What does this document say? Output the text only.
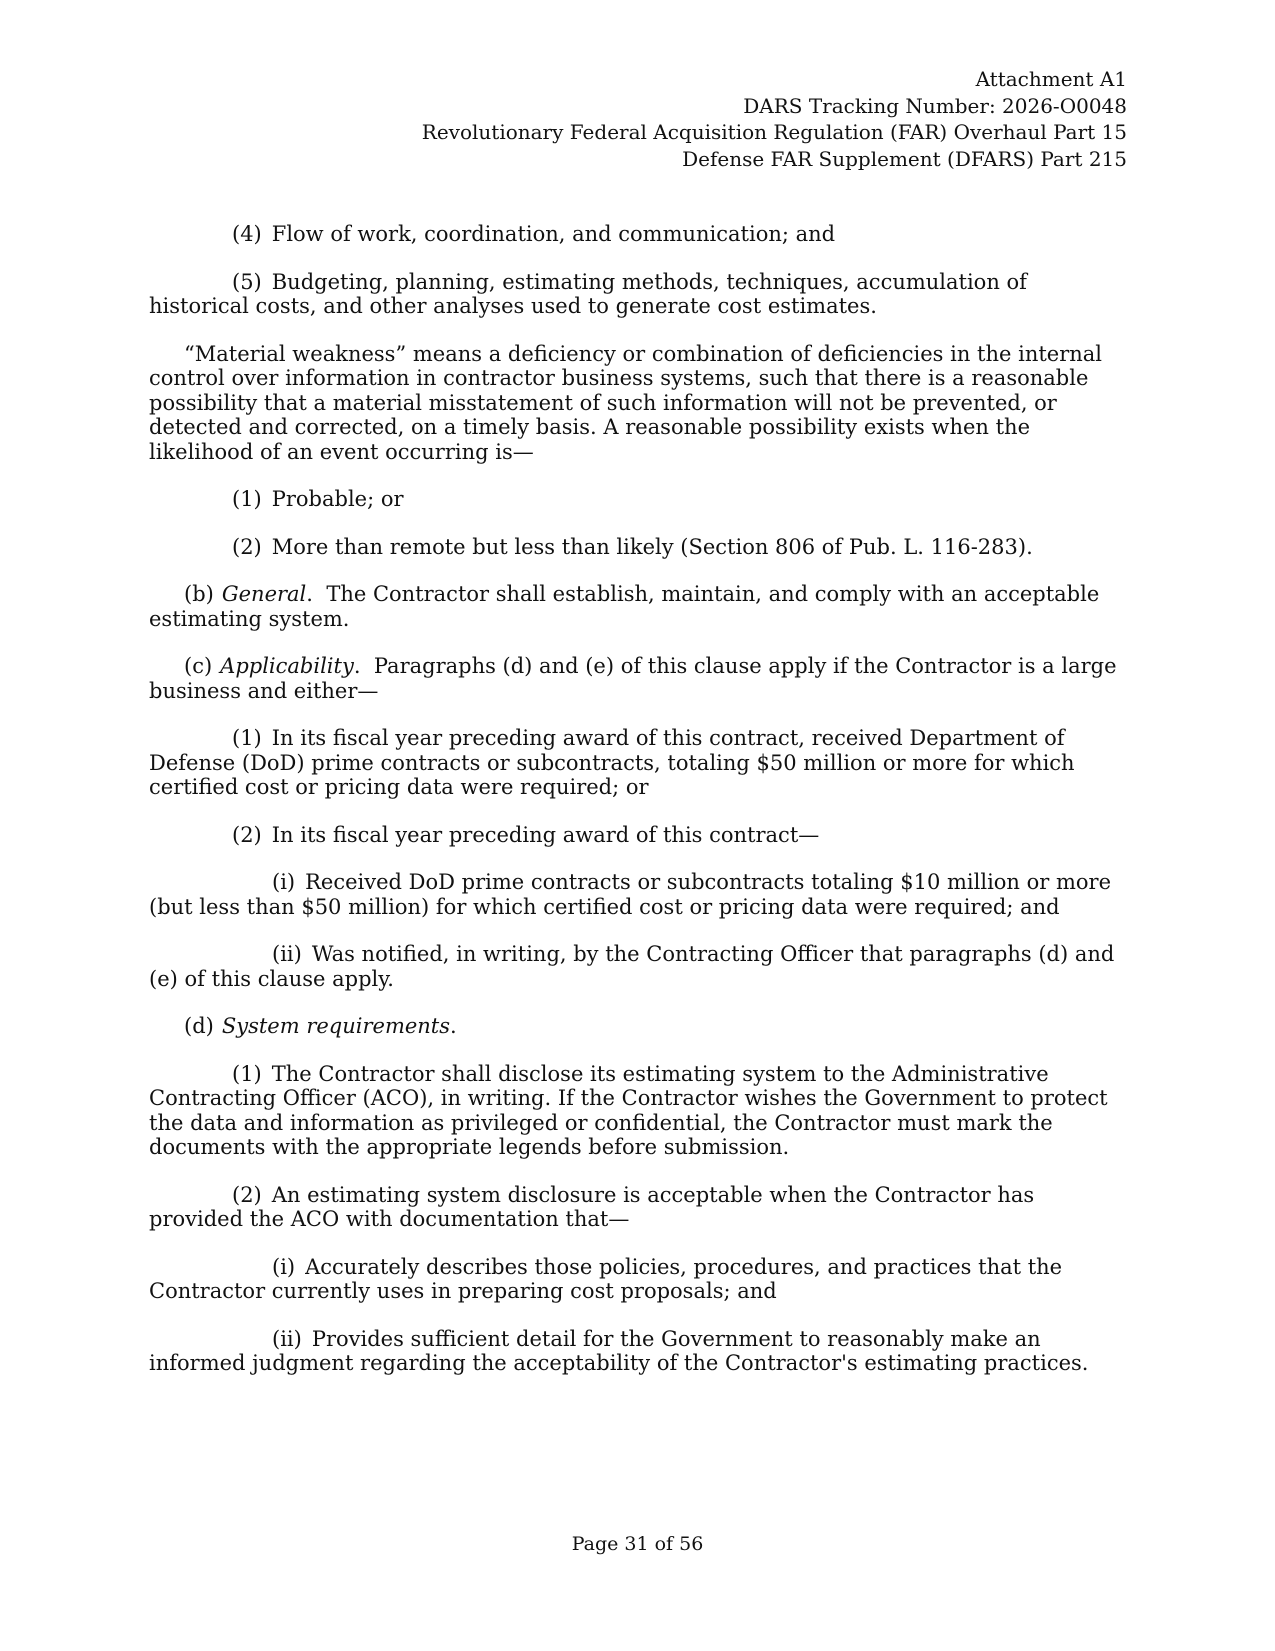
Attachment A1
DARS Tracking Number: 2026-O0048
Revolutionary Federal Acquisition Regulation (FAR) Overhaul Part 15
Defense FAR Supplement (DFARS) Part 215

(4) Flow of work, coordination, and communication; and

(5) Budgeting, planning, estimating methods, techniques, accumulation of historical costs, and other analyses used to generate cost estimates.

“Material weakness” means a deficiency or combination of deficiencies in the internal control over information in contractor business systems, such that there is a reasonable possibility that a material misstatement of such information will not be prevented, or detected and corrected, on a timely basis. A reasonable possibility exists when the likelihood of an event occurring is—

(1) Probable; or

(2) More than remote but less than likely (Section 806 of Pub. L. 116-283).

(b) General.  The Contractor shall establish, maintain, and comply with an acceptable estimating system.

(c) Applicability.  Paragraphs (d) and (e) of this clause apply if the Contractor is a large business and either—

(1) In its fiscal year preceding award of this contract, received Department of Defense (DoD) prime contracts or subcontracts, totaling $50 million or more for which certified cost or pricing data were required; or

(2) In its fiscal year preceding award of this contract—

(i) Received DoD prime contracts or subcontracts totaling $10 million or more (but less than $50 million) for which certified cost or pricing data were required; and

(ii) Was notified, in writing, by the Contracting Officer that paragraphs (d) and (e) of this clause apply.

(d) System requirements.

(1) The Contractor shall disclose its estimating system to the Administrative Contracting Officer (ACO), in writing. If the Contractor wishes the Government to protect the data and information as privileged or confidential, the Contractor must mark the documents with the appropriate legends before submission.

(2) An estimating system disclosure is acceptable when the Contractor has provided the ACO with documentation that—

(i) Accurately describes those policies, procedures, and practices that the Contractor currently uses in preparing cost proposals; and

(ii) Provides sufficient detail for the Government to reasonably make an informed judgment regarding the acceptability of the Contractor's estimating practices.

Page 31 of 56
